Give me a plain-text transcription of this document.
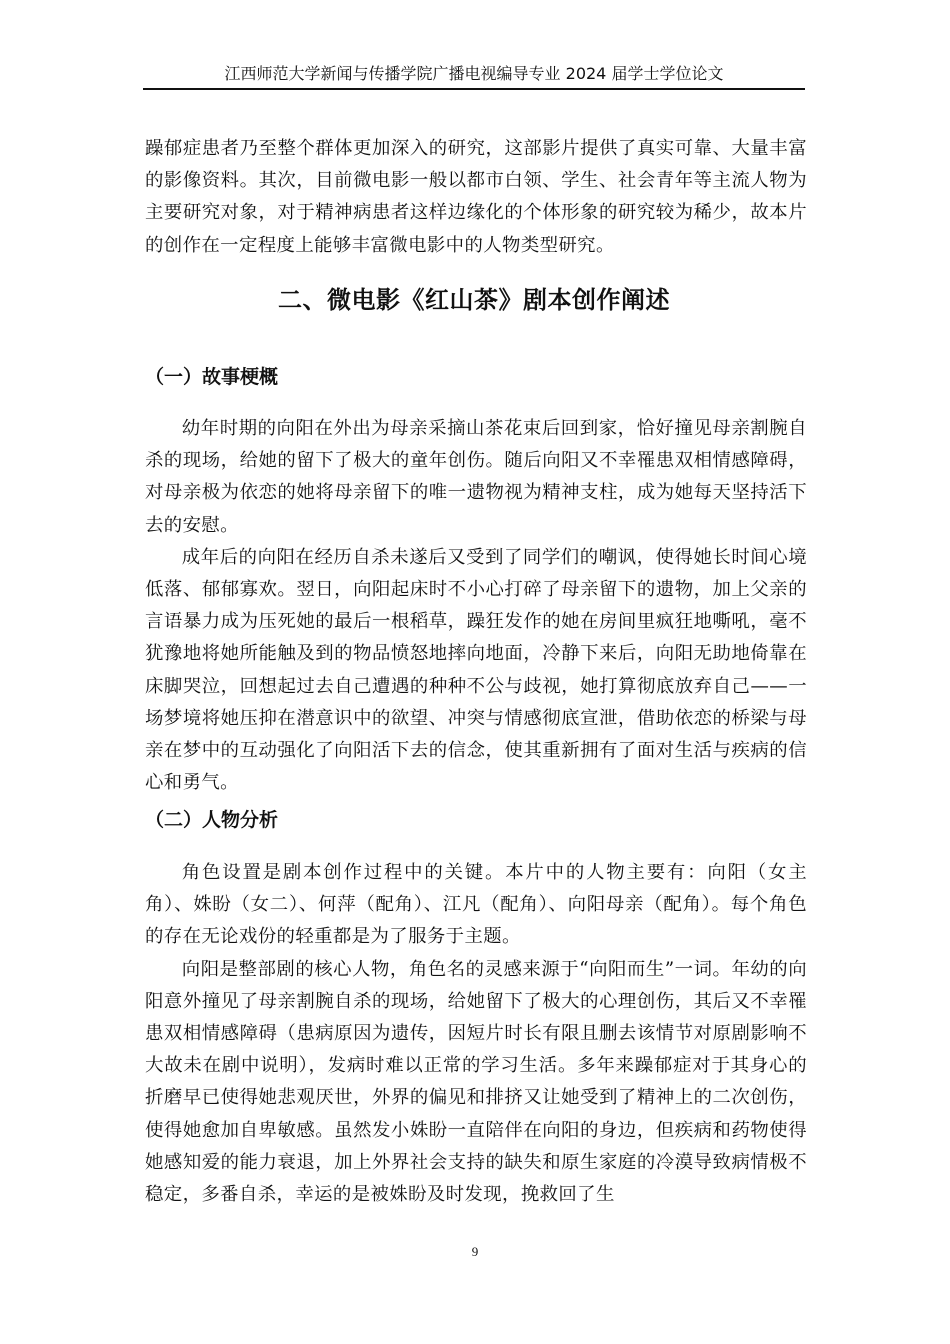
江西师范大学新闻与传播学院广播电视编导专业 2024 届学士学位论文

躁郁症患者乃至整个群体更加深入的研究，这部影片提供了真实可靠、大量丰富的影像资料。其次，目前微电影一般以都市白领、学生、社会青年等主流人物为主要研究对象，对于精神病患者这样边缘化的个体形象的研究较为稀少，故本片的创作在一定程度上能够丰富微电影中的人物类型研究。

二、微电影《红山茶》剧本创作阐述
（一）故事梗概

幼年时期的向阳在外出为母亲采摘山茶花束后回到家，恰好撞见母亲割腕自杀的现场，给她的留下了极大的童年创伤。随后向阳又不幸罹患双相情感障碍，对母亲极为依恋的她将母亲留下的唯一遗物视为精神支柱，成为她每天坚持活下去的安慰。

成年后的向阳在经历自杀未遂后又受到了同学们的嘲讽，使得她长时间心境低落、郁郁寡欢。翌日，向阳起床时不小心打碎了母亲留下的遗物，加上父亲的言语暴力成为压死她的最后一根稻草，躁狂发作的她在房间里疯狂地嘶吼，毫不犹豫地将她所能触及到的物品愤怒地摔向地面，冷静下来后，向阳无助地倚靠在床脚哭泣，回想起过去自己遭遇的种种不公与歧视，她打算彻底放弃自己——一场梦境将她压抑在潜意识中的欲望、冲突与情感彻底宣泄，借助依恋的桥梁与母亲在梦中的互动强化了向阳活下去的信念，使其重新拥有了面对生活与疾病的信心和勇气。

（二）人物分析

角色设置是剧本创作过程中的关键。本片中的人物主要有：向阳（女主角）、姝盼（女二）、何萍（配角）、江凡（配角）、向阳母亲（配角）。每个角色的存在无论戏份的轻重都是为了服务于主题。

向阳是整部剧的核心人物，角色名的灵感来源于“向阳而生”一词。年幼的向阳意外撞见了母亲割腕自杀的现场，给她留下了极大的心理创伤，其后又不幸罹患双相情感障碍（患病原因为遗传，因短片时长有限且删去该情节对原剧影响不大故未在剧中说明），发病时难以正常的学习生活。多年来躁郁症对于其身心的折磨早已使得她悲观厌世，外界的偏见和排挤又让她受到了精神上的二次创伤，使得她愈加自卑敏感。虽然发小姝盼一直陪伴在向阳的身边，但疾病和药物使得她感知爱的能力衰退，加上外界社会支持的缺失和原生家庭的冷漠导致病情极不稳定，多番自杀，幸运的是被姝盼及时发现，挽救回了生

9
